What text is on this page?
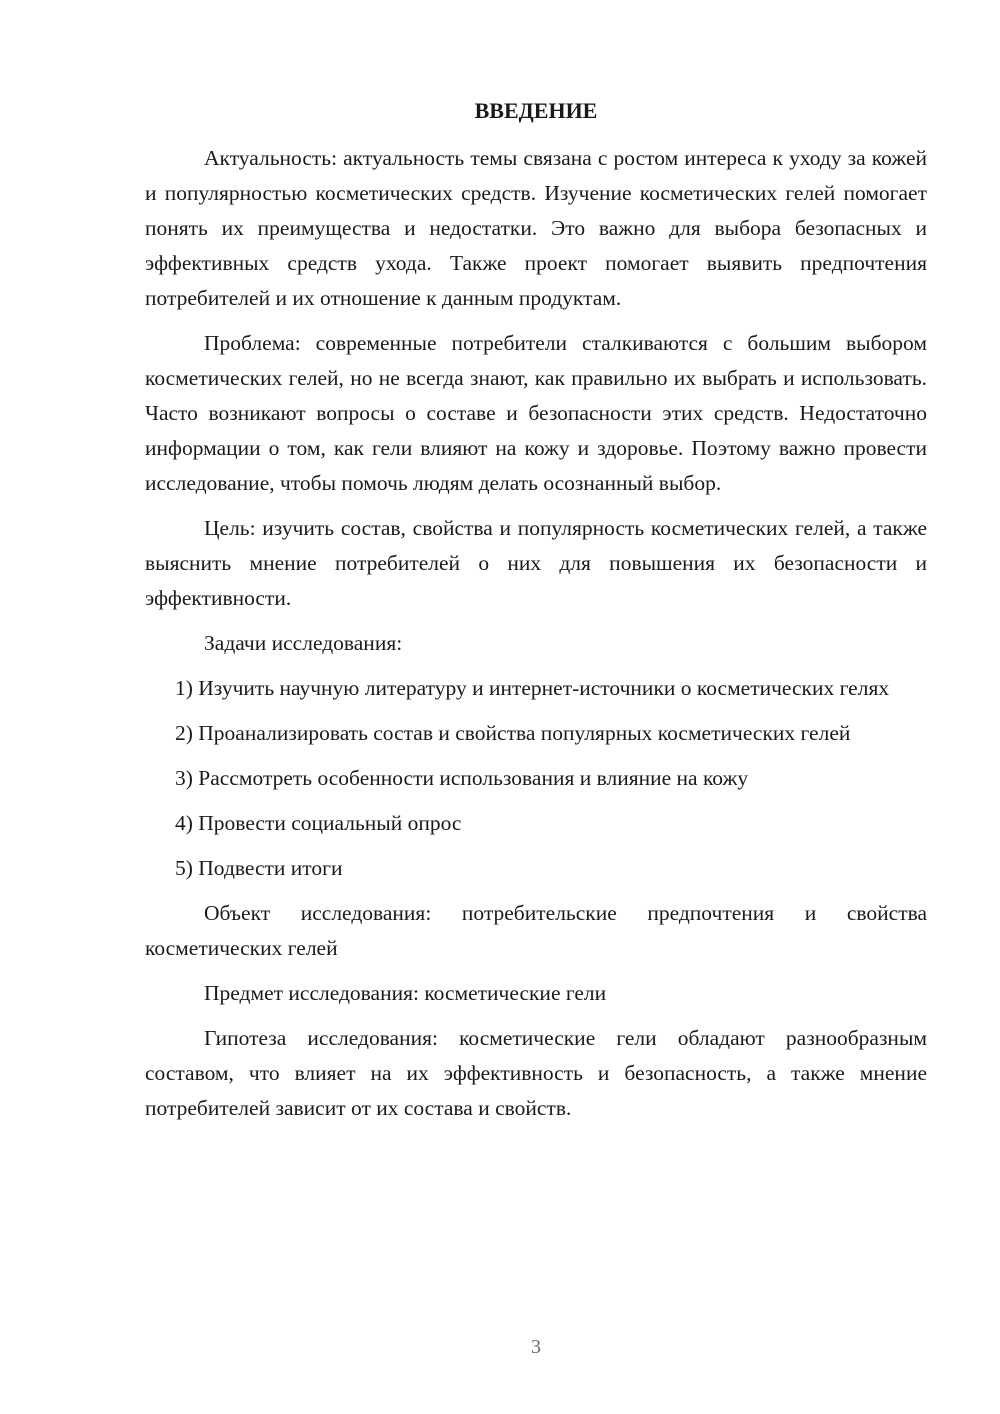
ВВЕДЕНИЕ

Актуальность: актуальность темы связана с ростом интереса к уходу за кожей и популярностью косметических средств. Изучение косметических гелей помогает понять их преимущества и недостатки. Это важно для выбора безопасных и эффективных средств ухода. Также проект помогает выявить предпочтения потребителей и их отношение к данным продуктам.

Проблема: современные потребители сталкиваются с большим выбором косметических гелей, но не всегда знают, как правильно их выбрать и использовать. Часто возникают вопросы о составе и безопасности этих средств. Недостаточно информации о том, как гели влияют на кожу и здоровье. Поэтому важно провести исследование, чтобы помочь людям делать осознанный выбор.

Цель: изучить состав, свойства и популярность косметических гелей, а также выяснить мнение потребителей о них для повышения их безопасности и эффективности.

Задачи исследования:

1) Изучить научную литературу и интернет-источники о косметических гелях

2) Проанализировать состав и свойства популярных косметических гелей

3) Рассмотреть особенности использования и влияние на кожу

4) Провести социальный опрос

5) Подвести итоги

Объект исследования: потребительские предпочтения и свойства косметических гелей

Предмет исследования: косметические гели

Гипотеза исследования: косметические гели обладают разнообразным составом, что влияет на их эффективность и безопасность, а также мнение потребителей зависит от их состава и свойств.

3
